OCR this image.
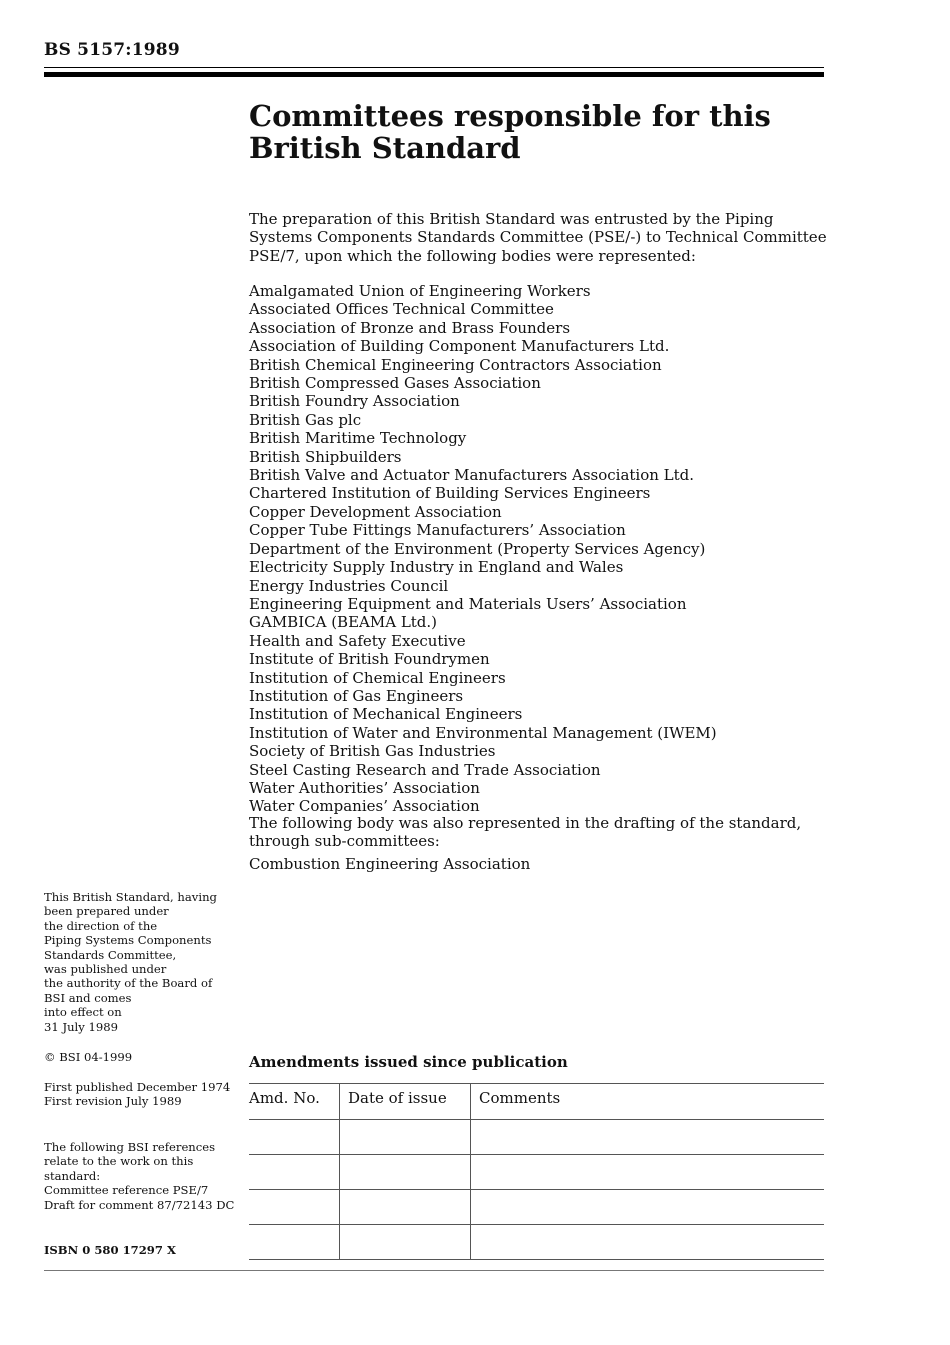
BS 5157:1989
Committees responsible for this
British Standard

The preparation of this British Standard was entrusted by the Piping Systems Components Standards Committee (PSE/-) to Technical Committee PSE/7, upon which the following bodies were represented:

Amalgamated Union of Engineering Workers
Associated Offices Technical Committee
Association of Bronze and Brass Founders
Association of Building Component Manufacturers Ltd.
British Chemical Engineering Contractors Association
British Compressed Gases Association
British Foundry Association
British Gas plc
British Maritime Technology
British Shipbuilders
British Valve and Actuator Manufacturers Association Ltd.
Chartered Institution of Building Services Engineers
Copper Development Association
Copper Tube Fittings Manufacturers’ Association
Department of the Environment (Property Services Agency)
Electricity Supply Industry in England and Wales
Energy Industries Council
Engineering Equipment and Materials Users’ Association
GAMBICA (BEAMA Ltd.)
Health and Safety Executive
Institute of British Foundrymen
Institution of Chemical Engineers
Institution of Gas Engineers
Institution of Mechanical Engineers
Institution of Water and Environmental Management (IWEM)
Society of British Gas Industries
Steel Casting Research and Trade Association
Water Authorities’ Association
Water Companies’ Association

The following body was also represented in the drafting of the standard, through sub-committees:

Combustion Engineering Association

This British Standard, having
been prepared under
the direction of the
Piping Systems Components
Standards Committee,
was published under
the authority of the Board of
BSI and comes
into effect on
31 July 1989

© BSI 04-1999
First published December 1974
First revision July 1989
The following BSI references
relate to the work on this
standard:
Committee reference PSE/7
Draft for comment 87/72143 DC

ISBN 0 580 17297 X
Amendments issued since publication
Amd. No.	Date of issue	Comments
